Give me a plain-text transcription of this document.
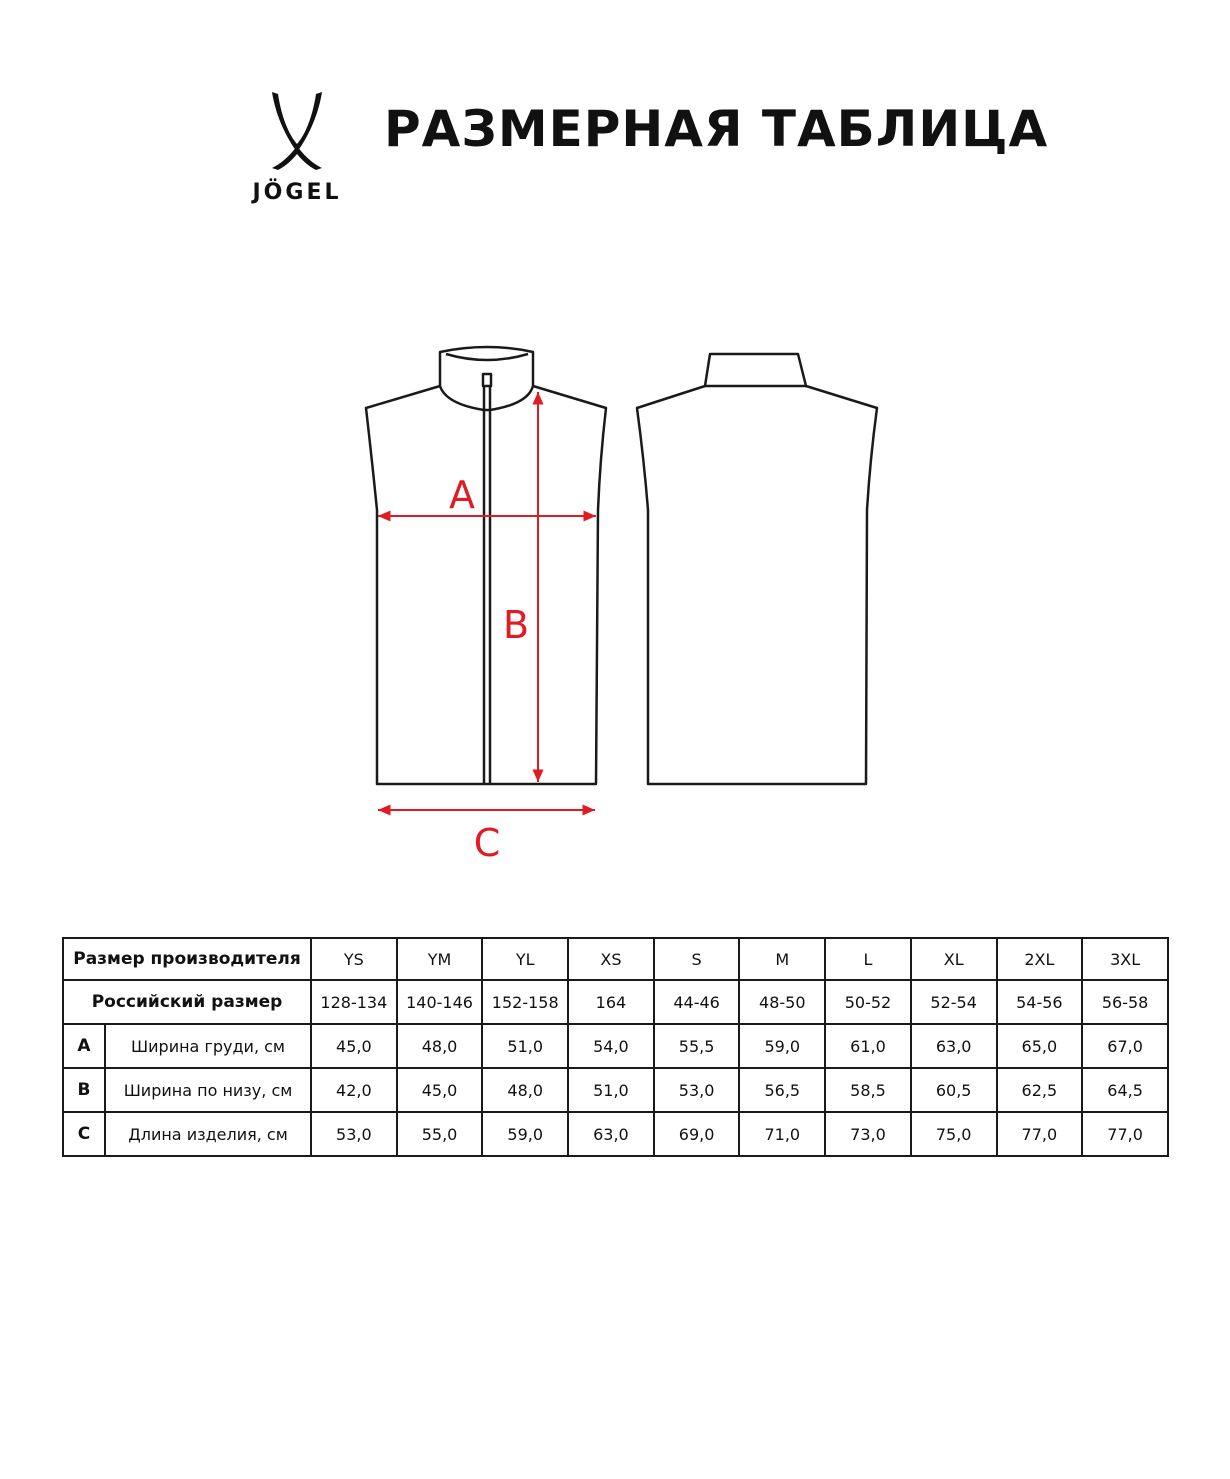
JÖGEL
РАЗМЕРНАЯ ТАБЛИЦА
A
B
C
Размер производителя		YS	YM	YL	XS	S	M	L	XL	2XL	3XL
Российский размер		128-134	140-146	152-158	164	44-46	48-50	50-52	52-54	54-56	56-58
A	Ширина груди, см	45,0	48,0	51,0	54,0	55,5	59,0	61,0	63,0	65,0	67,0
B	Ширина по низу, см	42,0	45,0	48,0	51,0	53,0	56,5	58,5	60,5	62,5	64,5
C	Длина изделия, см	53,0	55,0	59,0	63,0	69,0	71,0	73,0	75,0	77,0	77,0
